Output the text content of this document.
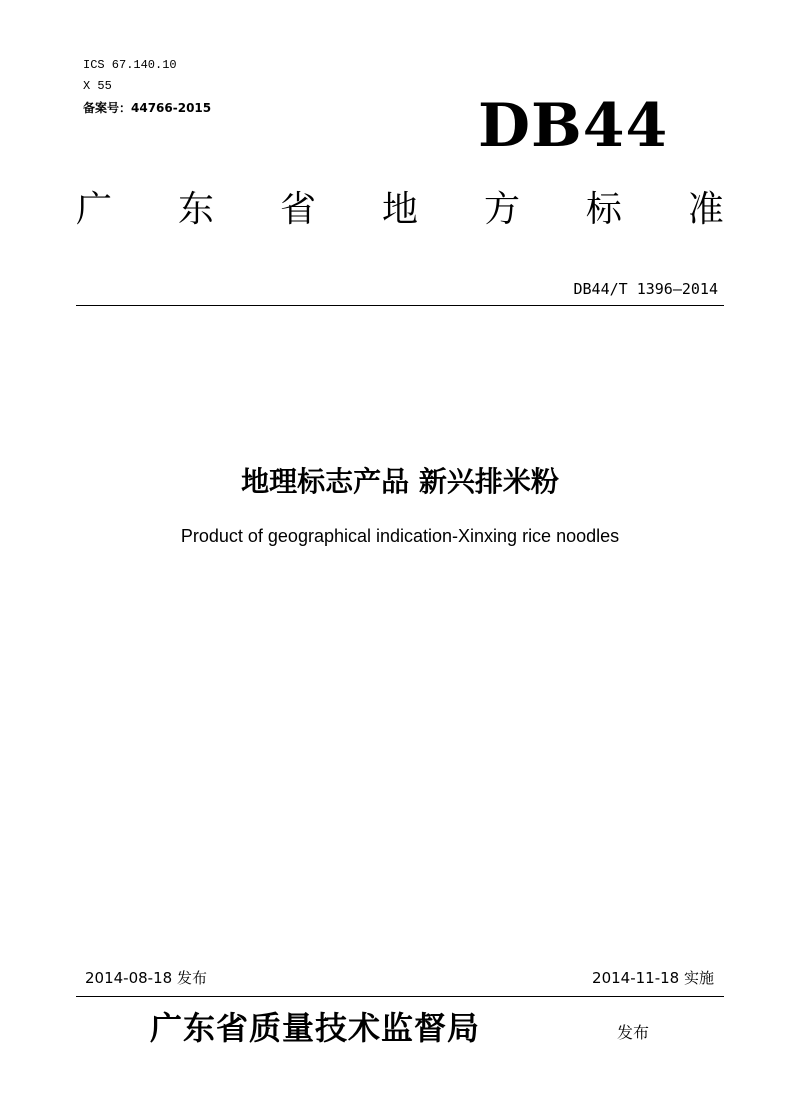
ICS 67.140.10
X 55
备案号：44766-2015	DB44
广 东 省 地 方 标 准
DB44/T 1396—2014
地理标志产品 新兴排米粉
Product of geographical indication-Xinxing rice noodles
2014-08-18 发布	2014-11-18 实施
广东省质量技术监督局	发布
